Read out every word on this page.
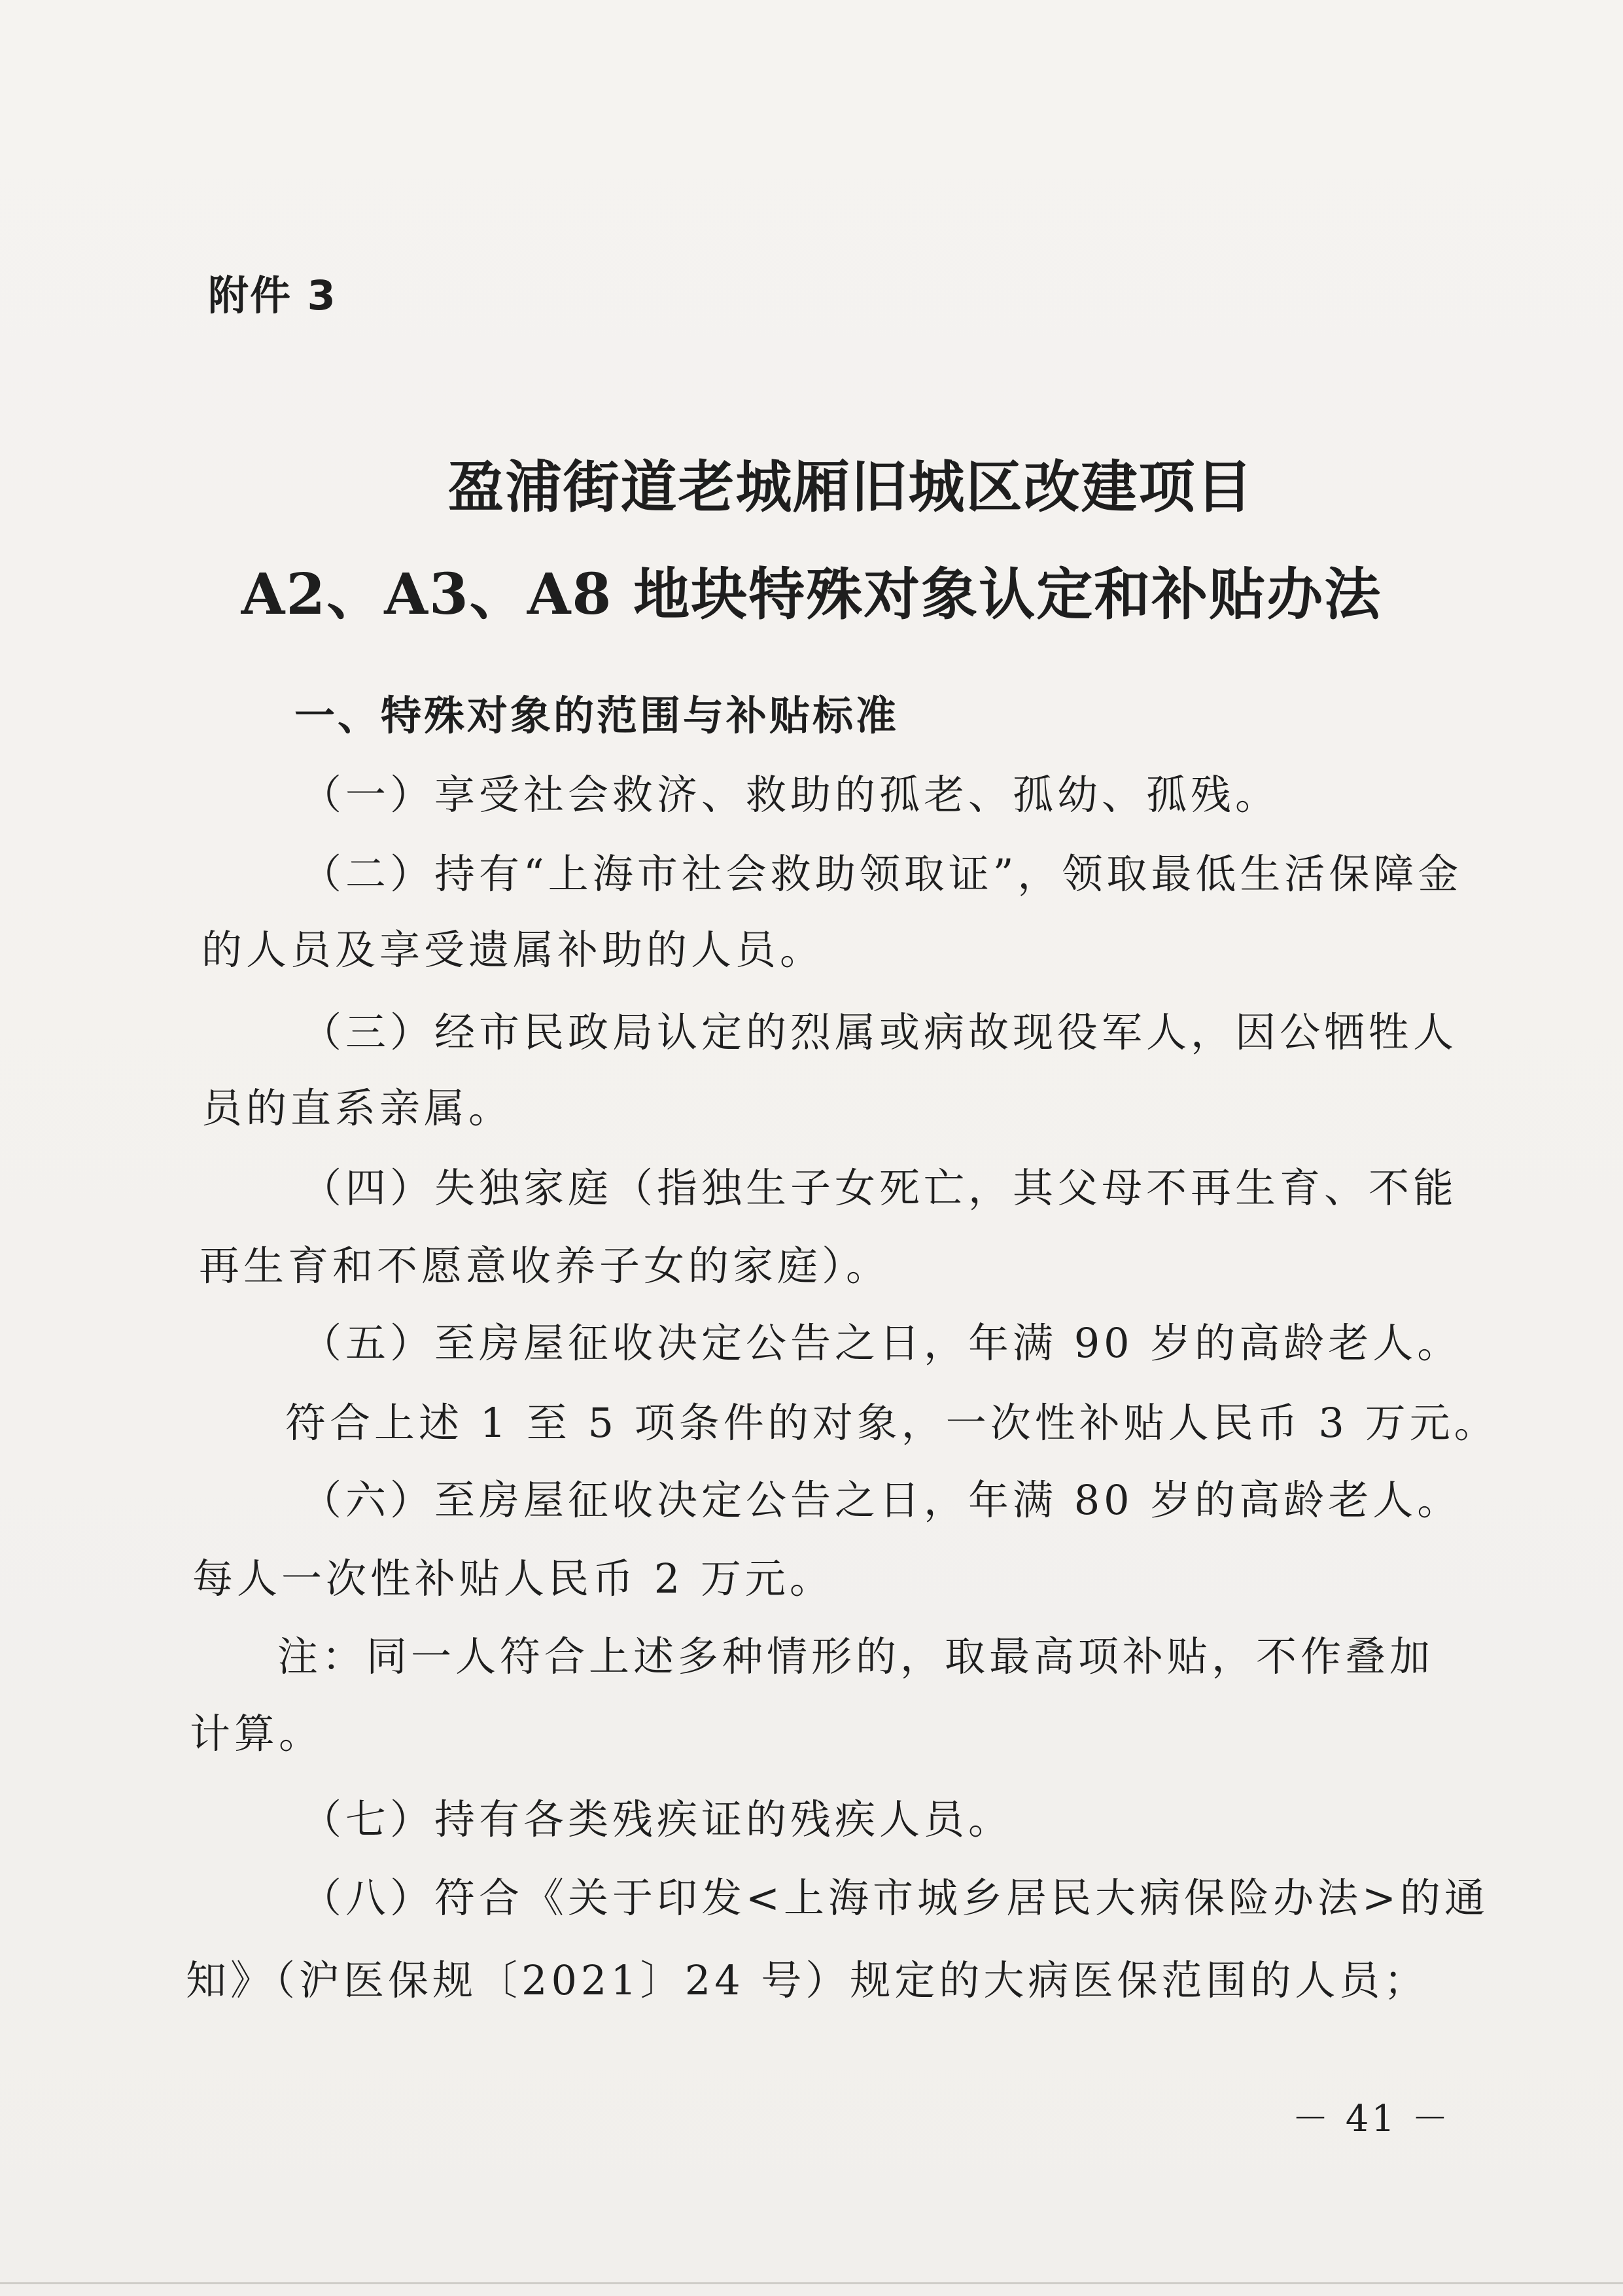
附件 3
盈浦街道老城厢旧城区改建项目
A2、A3、A8 地块特殊对象认定和补贴办法
一、特殊对象的范围与补贴标准
（一）享受社会救济、救助的孤老、孤幼、孤残。
（二）持有“上海市社会救助领取证”，领取最低生活保障金
的人员及享受遗属补助的人员。
（三）经市民政局认定的烈属或病故现役军人，因公牺牲人
员的直系亲属。
（四）失独家庭（指独生子女死亡，其父母不再生育、不能
再生育和不愿意收养子女的家庭）。
（五）至房屋征收决定公告之日，年满 90 岁的高龄老人。
符合上述 1 至 5 项条件的对象，一次性补贴人民币 3 万元。
（六）至房屋征收决定公告之日，年满 80 岁的高龄老人。
每人一次性补贴人民币 2 万元。
注：同一人符合上述多种情形的，取最高项补贴，不作叠加
计算。
（七）持有各类残疾证的残疾人员。
（八）符合《关于印发<上海市城乡居民大病保险办法>的通
知》（沪医保规〔2021〕24 号）规定的大病医保范围的人员；
－ 41 －
